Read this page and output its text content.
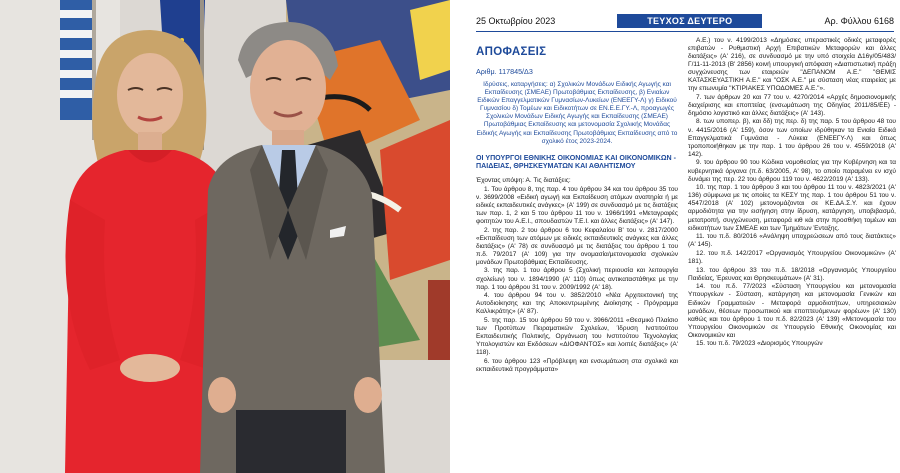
25 Οκτωβρίου 2023	ΤΕΥΧΟΣ ΔΕΥΤΕΡΟ	Αρ. Φύλλου 6168
ΑΠΟΦΑΣΕΙΣ
Αριθμ. 117845/Δ3

Ιδρύσεις, καταργήσεις: α) Σχολικών Μονάδων Ειδικής Αγωγής και Εκπαίδευσης (ΣΜΕΑΕ) Πρωτοβάθμιας Εκπαίδευσης, β) Ενιαίων Ειδικών Επαγγελματικών Γυμνασίων-Λυκείων (ΕΝΕΕΓΥ-Λ) γ) Ειδικού Γυμνασίου δ) Τομέων και Ειδικοτήτων σε ΕΝ.Ε.Ε.ΓΥ.-Λ, προαγωγές Σχολικών Μονάδων Ειδικής Αγωγής και Εκπαίδευσης (ΣΜΕΑΕ) Πρωτοβάθμιας Εκπαίδευσης και μετονομασία Σχολικής Μονάδας Ειδικής Αγωγής και Εκπαίδευσης Πρωτοβάθμιας Εκπαίδευσης από το σχολικό έτος 2023-2024.

ΟΙ ΥΠΟΥΡΓΟΙ ΕΘΝΙΚΗΣ ΟΙΚΟΝΟΜΙΑΣ ΚΑΙ ΟΙΚΟΝΟΜΙΚΩΝ - ΠΑΙΔΕΙΑΣ, ΘΡΗΣΚΕΥΜΑΤΩΝ ΚΑΙ ΑΘΛΗΤΙΣΜΟΥ

Έχοντας υπόψη: Α. Τις διατάξεις:

1. Του άρθρου 8, της παρ. 4 του άρθρου 34 και του άρθρου 35 του ν. 3699/2008 «Ειδική αγωγή και Εκπαίδευση ατόμων αναπηρία ή με ειδικές εκπαιδευτικές ανάγκες» (Α' 199) σε συνδυασμό με τις διατάξεις των παρ. 1, 2 και 5 του άρθρου 11 του ν. 1966/1991 «Μεταγραφές φοιτητών του Α.Ε.Ι., σπουδαστών Τ.Ε.Ι. και άλλες διατάξεις» (Α' 147).

2. της παρ. 2 του άρθρου 6 του Κεφαλαίου Β' του ν. 2817/2000 «Εκπαίδευση των ατόμων με ειδικές εκπαιδευτικές ανάγκες και άλλες διατάξεις» (Α' 78) σε συνδυασμό με τις διατάξεις του άρθρου 1 του π.δ. 79/2017 (Α' 109) για την ονομασία/μετονομασία σχολικών μονάδων Πρωτοβάθμιας Εκπαίδευσης.

3. της παρ. 1 του άρθρου 5 (Σχολική περιουσία και λειτουργία σχολείων) του ν. 1894/1990 (Α' 110) όπως αντικαταστάθηκε με την παρ. 1 του άρθρου 31 του ν. 2009/1992 (Α' 18).

4. του άρθρου 94 του ν. 3852/2010 «Νέα Αρχιτεκτονική της Αυτοδιοίκησης και της Αποκεντρωμένης Διοίκησης - Πρόγραμμα Καλλικράτης» (Α' 87).

5. της παρ. 15 του άρθρου 59 του ν. 3966/2011 «Θεσμικό Πλαίσιο των Προτύπων Πειραματικών Σχολείων, Ίδρυση Ινστιτούτου Εκπαιδευτικής Πολιτικής, Οργάνωση του Ινστιτούτου Τεχνολογίας Υπολογιστών και Εκδόσεων «ΔΙΟΦΑΝΤΟΣ» και λοιπές διατάξεις» (Α' 118).

6. του άρθρου 123 «Πρόβλεψη και ενσωμάτωση στα σχολικά και εκπαιδευτικά προγράμματα»

Α.Ε.) του ν. 4199/2013 «Δημόσιες υπεραστικές οδικές μεταφορές επιβατών - Ρυθμιστική Αρχή Επιβατικών Μεταφορών και άλλες διατάξεις» (Α' 216), σε συνδυασμό με την υπό στοιχεία Δ16γ/05/483/Γ/11-11-2013 (Β' 2856) κοινή υπουργική απόφαση «Διαπιστωτική πράξη συγχώνευσης των εταιρειών "ΔΕΠΑΝΟΜ Α.Ε." "ΘΕΜΙΣ ΚΑΤΑΣΚΕΥΑΣΤΙΚΗ Α.Ε." και "ΟΣΚ Α.Ε." με σύσταση νέας εταιρείας με την επωνυμία "ΚΤΙΡΙΑΚΕΣ ΥΠΟΔΟΜΕΣ Α.Ε."».

7. των άρθρων 20 και 77 του ν. 4270/2014 «Αρχές δημοσιονομικής διαχείρισης και εποπτείας (ενσωμάτωση της Οδηγίας 2011/85/ΕΕ) - δημόσιο λογιστικό και άλλες διατάξεις» (Α' 143).

8. των υποπερ. β), και δδ) της περ. δ) της παρ. 5 του άρθρου 48 του ν. 4415/2016 (Α' 159), όσον των οποίων ιδρύθηκαν τα Ενιαία Ειδικά Επαγγελματικά Γυμνάσια - Λύκεια (ΕΝΕΕΓΥ-Λ) και όπως τροποποιήθηκαν με την παρ. 1 του άρθρου 26 του ν. 4559/2018 (Α' 142).

9. του άρθρου 90 του Κώδικα νομοθεσίας για την Κυβέρνηση και τα κυβερνητικά όργανα (π.δ. 63/2005, Α' 98), το οποίο παραμένει εν ισχύ δυνάμει της περ. 22 του άρθρου 119 του ν. 4622/2019 (Α' 133).

10. της παρ. 1 του άρθρου 3 και του άρθρου 11 του ν. 4823/2021 (Α' 136) σύμφωνα με τις οποίες τα ΚΕΣΥ της παρ. 1 του άρθρου 51 του ν. 4547/2018 (Α' 102) μετονομάζονται σε ΚΕ.ΔΑ.Σ.Υ. και έχουν αρμοδιότητα για την εισήγηση στην ίδρυση, κατάργηση, υποβιβασμό, μετατροπή, συγχώνευση, μεταφορά κιθ κάι στην προσθήκη τομέων και ειδικοτήτων των ΣΜΕΑΕ και των Τμημάτων Ένταξης.

11. του π.δ. 80/2016 «Ανάληψη υποχρεώσεων από τους διατάκτες» (Α' 145).

12. του π.δ. 142/2017 «Οργανισμός Υπουργείου Οικονομικών» (Α' 181).

13. του άρθρου 33 του π.δ. 18/2018 «Οργανισμός Υπουργείου Παιδείας, Έρευνας και Θρησκευμάτων» (Α' 31).

14. του π.δ. 77/2023 «Σύσταση Υπουργείου και μετονομασία Υπουργείων - Σύσταση, κατάργηση και μετονομασία Γενικών και Ειδικών Γραμματειών - Μεταφορά αρμοδιοτήτων, υπηρεσιακών μονάδων, θέσεων προσωπικού και εποπτευόμενων φορέων» (Α' 130) καθώς και του άρθρου 1 του π.δ. 82/2023 (Α' 139) «Μετονομασία του Υπουργείου Οικονομικών σε Υπουργείο Εθνικής Οικονομίας και Οικονομικών και

15. του π.δ. 79/2023 «Διορισμός Υπουργών
